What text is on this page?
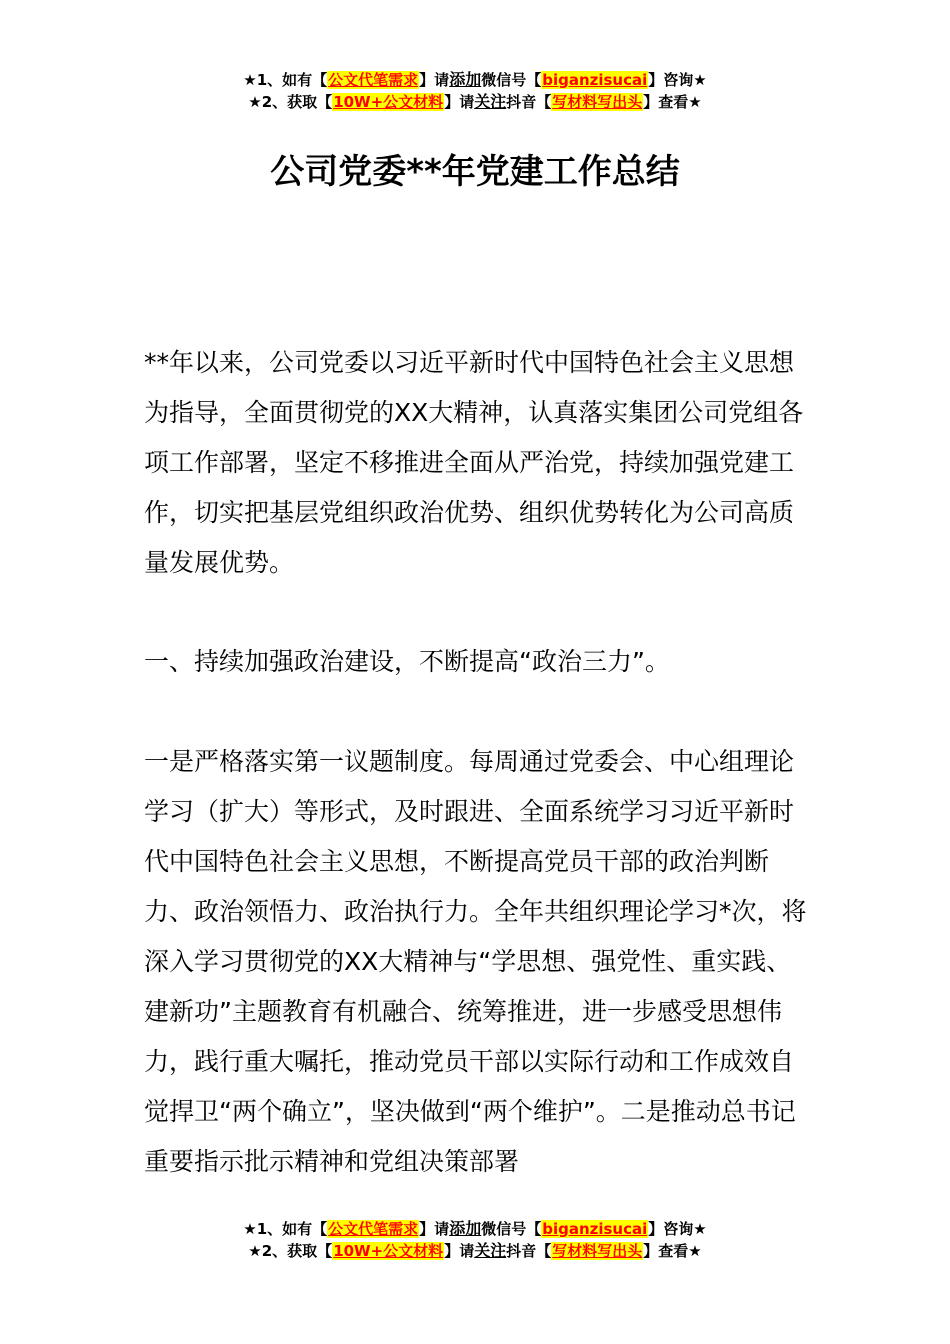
★1、如有【公文代笔需求】请添加微信号【biganzisucai】咨询★
★2、获取【10W+公文材料】请关注抖音【写材料写出头】查看★
公司党委**年党建工作总结

**年以来，公司党委以习近平新时代中国特色社会主义思想为指导，全面贯彻党的XX大精神，认真落实集团公司党组各项工作部署，坚定不移推进全面从严治党，持续加强党建工作，切实把基层党组织政治优势、组织优势转化为公司高质量发展优势。

一、持续加强政治建设，不断提高“政治三力”。

一是严格落实第一议题制度。每周通过党委会、中心组理论学习（扩大）等形式，及时跟进、全面系统学习习近平新时代中国特色社会主义思想，不断提高党员干部的政治判断力、政治领悟力、政治执行力。全年共组织理论学习*次，将深入学习贯彻党的XX大精神与“学思想、强党性、重实践、建新功”主题教育有机融合、统筹推进，进一步感受思想伟力，践行重大嘱托，推动党员干部以实际行动和工作成效自觉捍卫“两个确立”，坚决做到“两个维护”。二是推动总书记重要指示批示精神和党组决策部署

★1、如有【公文代笔需求】请添加微信号【biganzisucai】咨询★
★2、获取【10W+公文材料】请关注抖音【写材料写出头】查看★
